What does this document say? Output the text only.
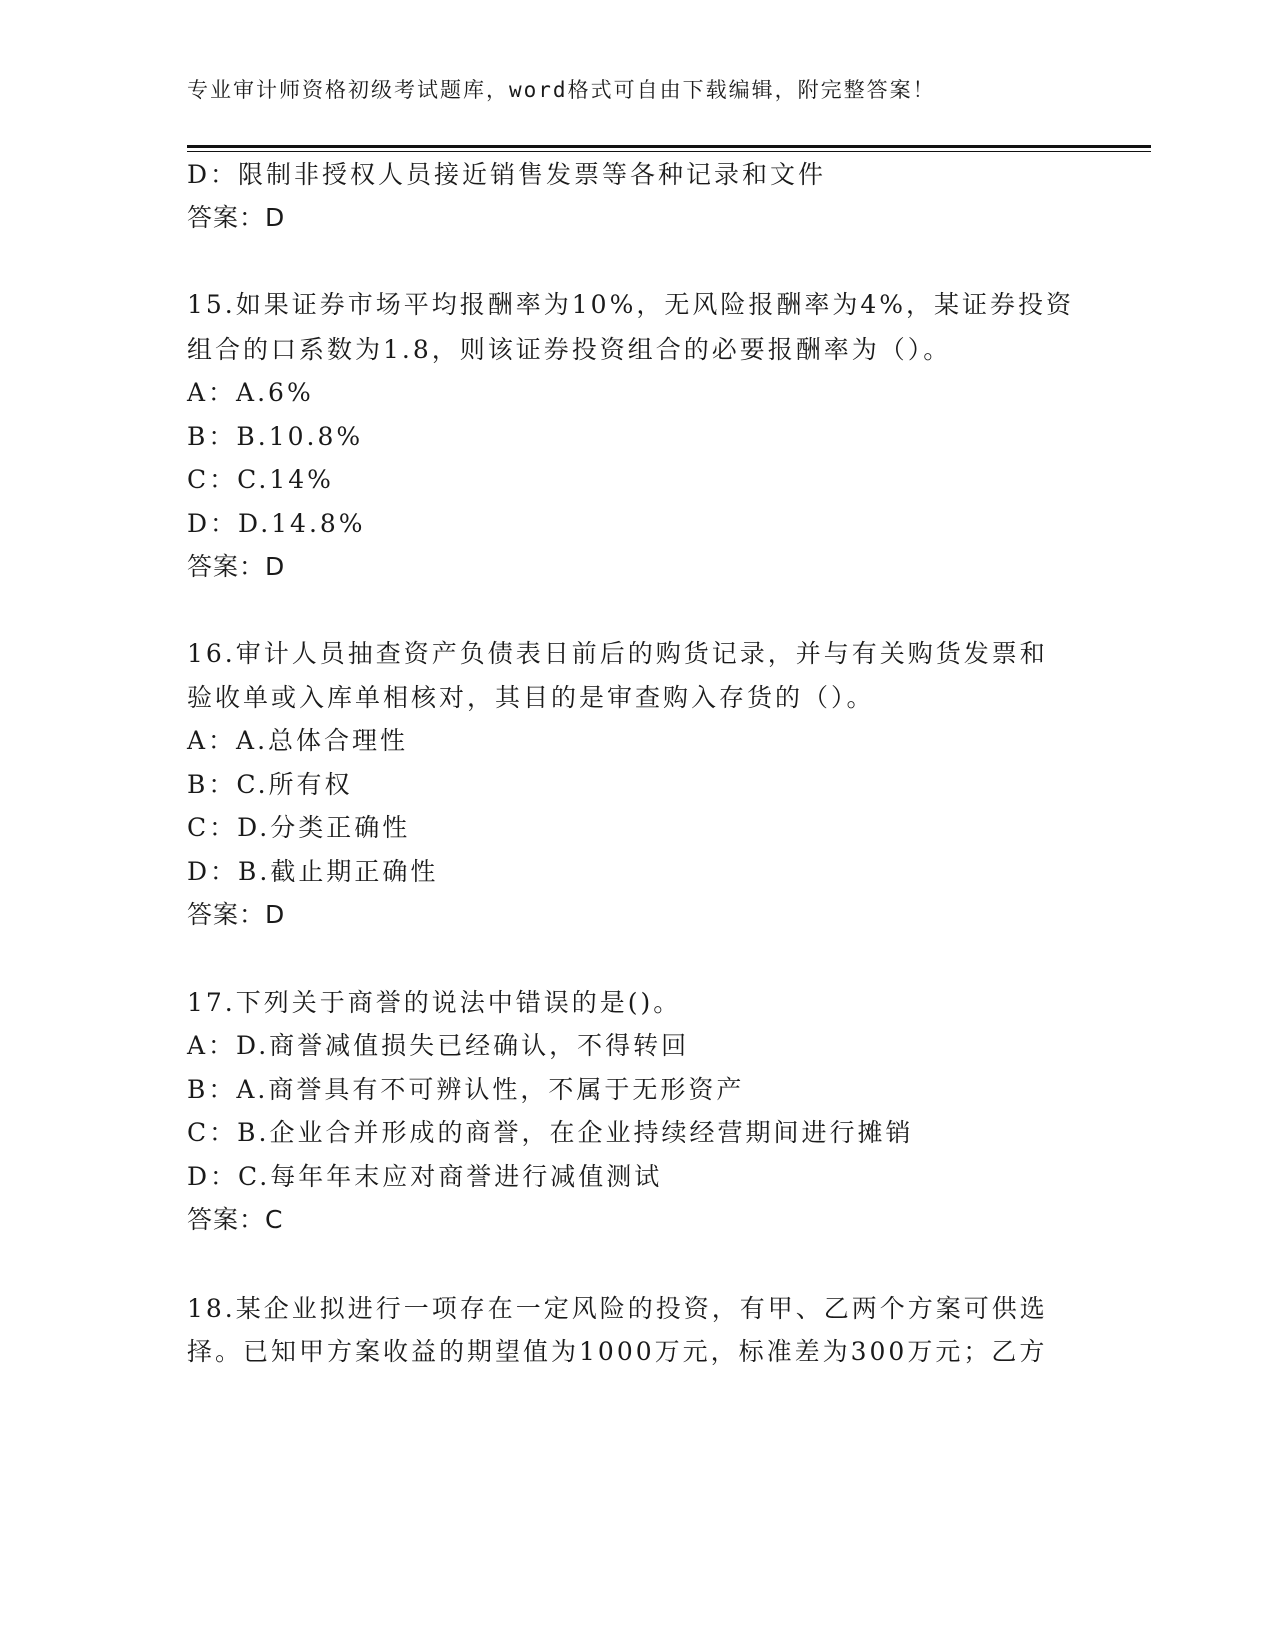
专业审计师资格初级考试题库，word格式可自由下载编辑，附完整答案！
D：限制非授权人员接近销售发票等各种记录和文件
答案：D
15.如果证券市场平均报酬率为10%，无风险报酬率为4%，某证券投资
组合的口系数为1.8，则该证券投资组合的必要报酬率为（）。
A：A.6%
B：B.10.8%
C：C.14%
D：D.14.8%
答案：D
16.审计人员抽查资产负债表日前后的购货记录，并与有关购货发票和
验收单或入库单相核对，其目的是审查购入存货的（）。
A：A.总体合理性
B：C.所有权
C：D.分类正确性
D：B.截止期正确性
答案：D
17.下列关于商誉的说法中错误的是()。
A：D.商誉减值损失已经确认，不得转回
B：A.商誉具有不可辨认性，不属于无形资产
C：B.企业合并形成的商誉，在企业持续经营期间进行摊销
D：C.每年年末应对商誉进行减值测试
答案：C
18.某企业拟进行一项存在一定风险的投资，有甲、乙两个方案可供选
择。已知甲方案收益的期望值为1000万元，标准差为300万元；乙方
